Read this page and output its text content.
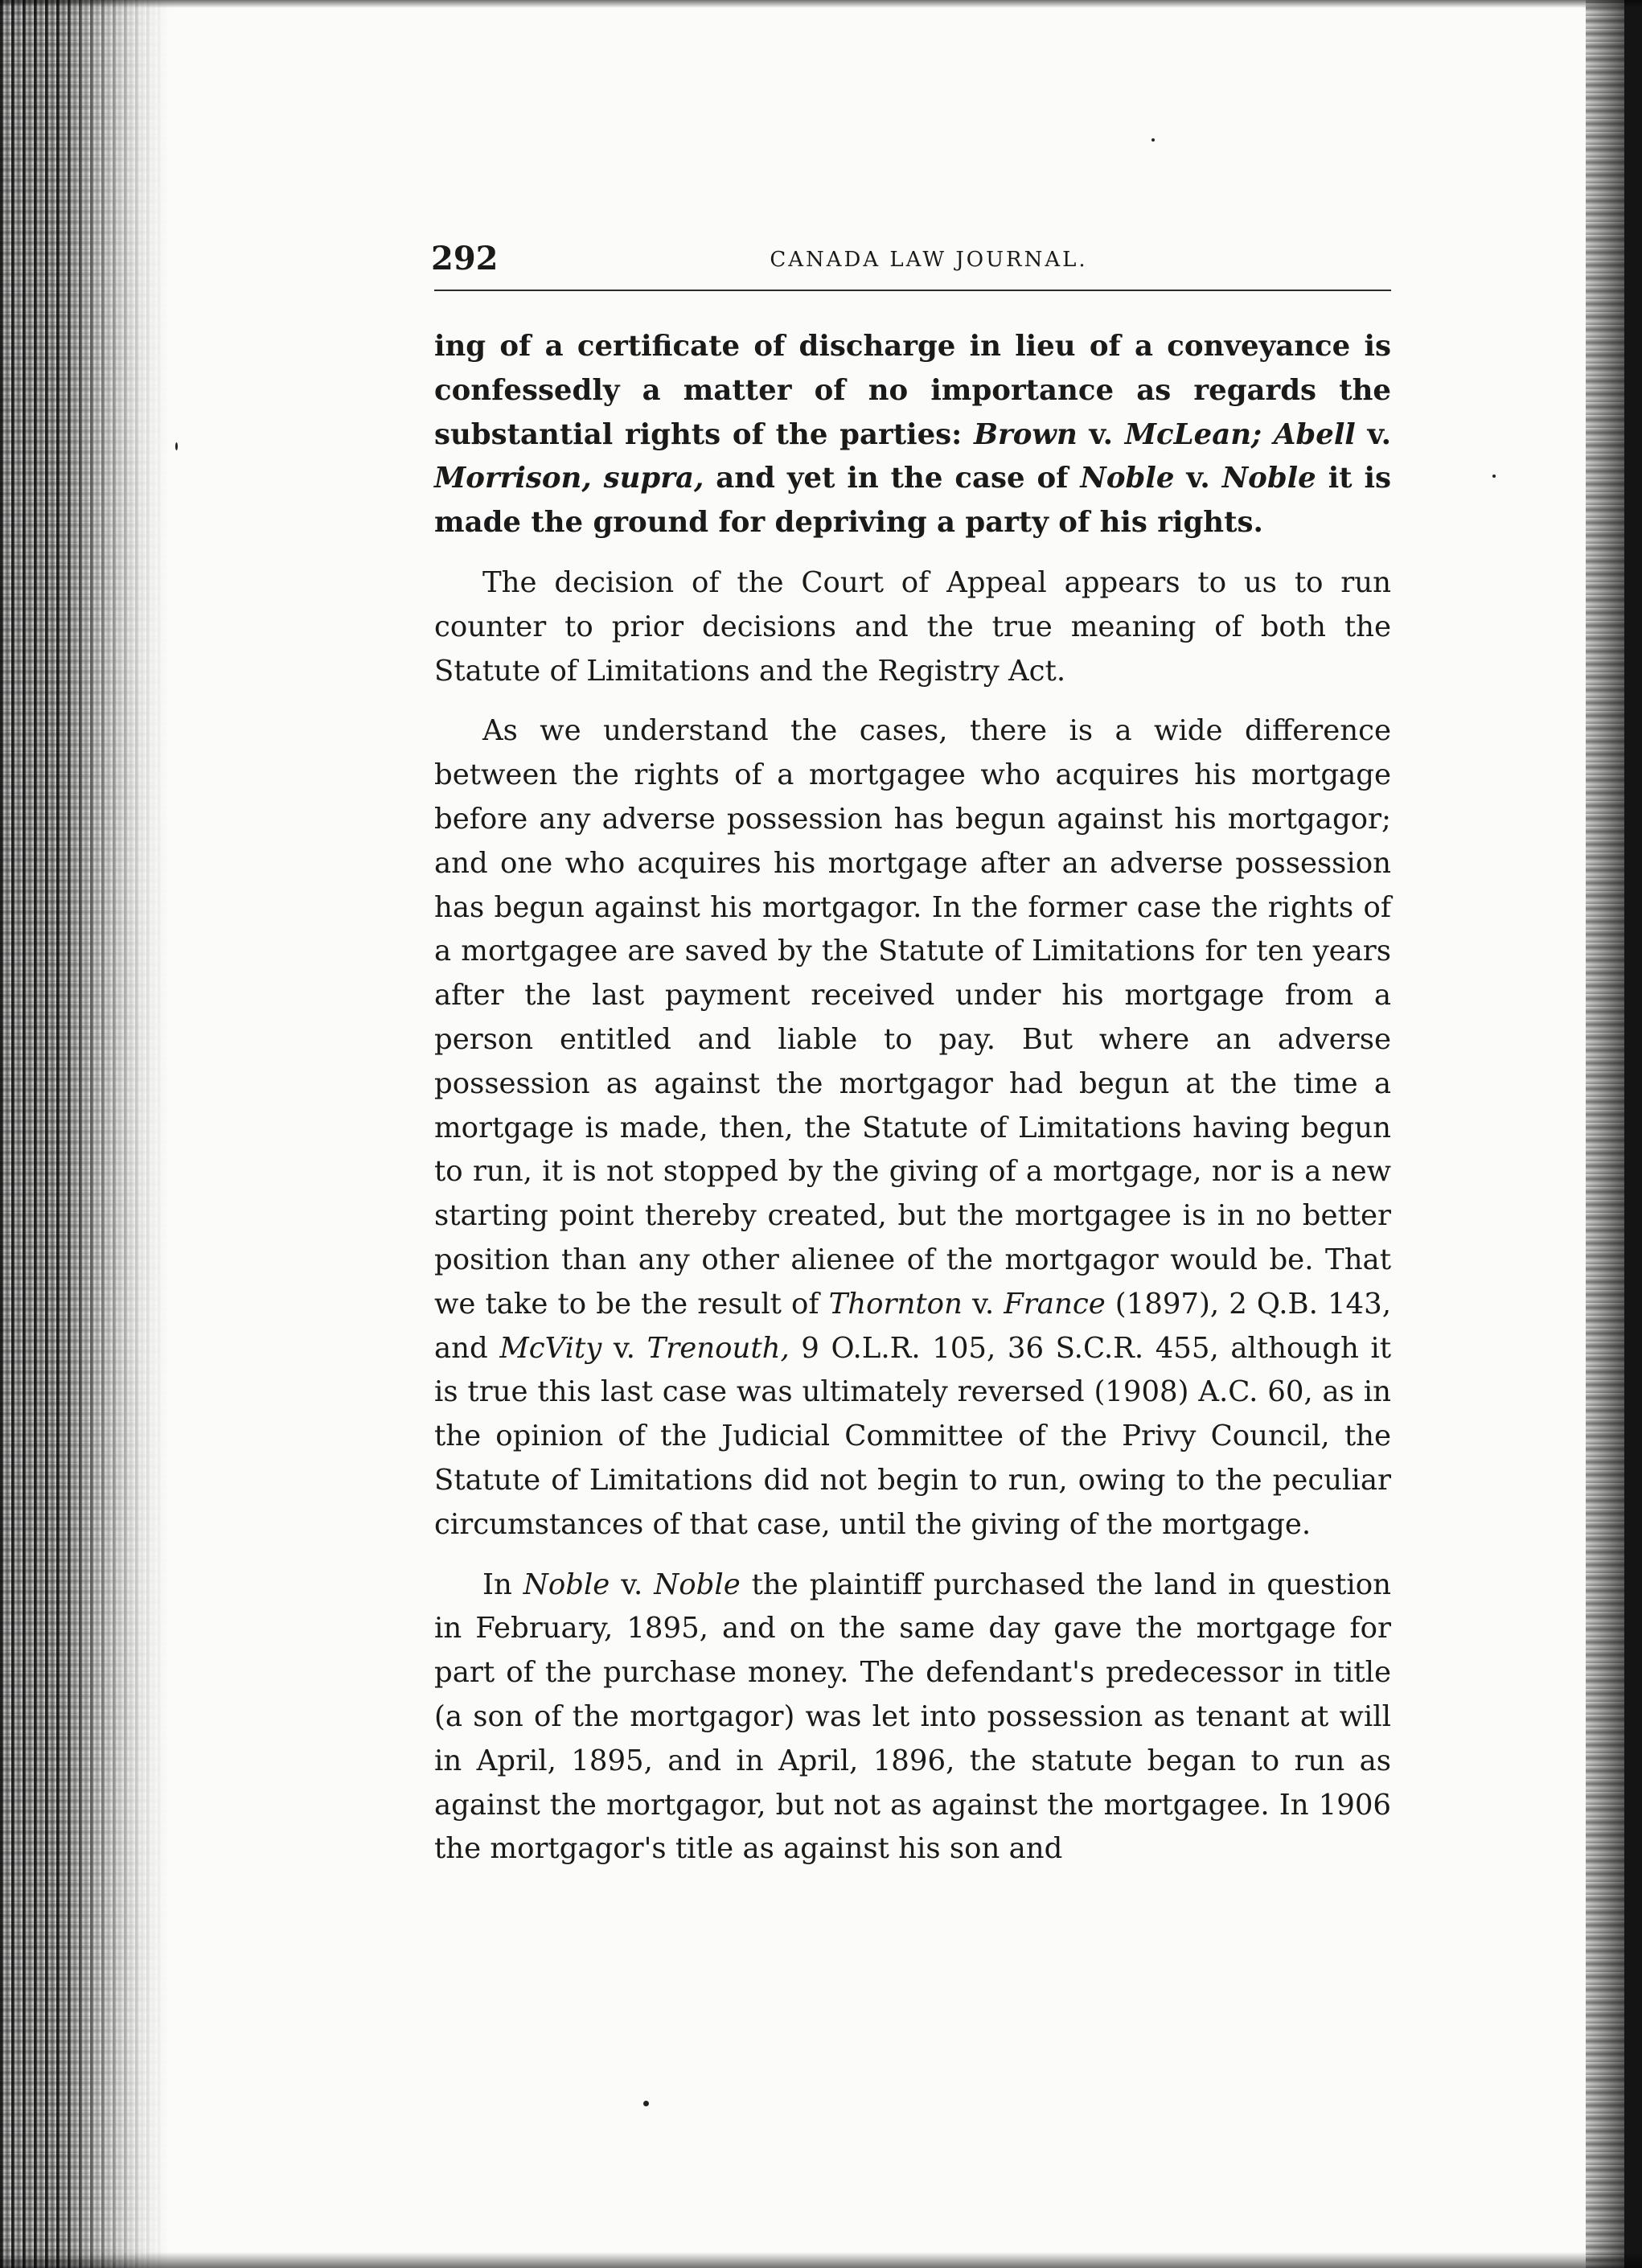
292	CANADA LAW JOURNAL.

ing of a certificate of discharge in lieu of a conveyance is confessedly a matter of no importance as regards the substantial rights of the parties: Brown v. McLean; Abell v. Morrison, supra, and yet in the case of Noble v. Noble it is made the ground for depriving a party of his rights.

The decision of the Court of Appeal appears to us to run counter to prior decisions and the true meaning of both the Statute of Limitations and the Registry Act.

As we understand the cases, there is a wide difference between the rights of a mortgagee who acquires his mortgage before any adverse possession has begun against his mortgagor; and one who acquires his mortgage after an adverse possession has begun against his mortgagor. In the former case the rights of a mortgagee are saved by the Statute of Limitations for ten years after the last payment received under his mortgage from a person entitled and liable to pay. But where an adverse possession as against the mortgagor had begun at the time a mortgage is made, then, the Statute of Limitations having begun to run, it is not stopped by the giving of a mortgage, nor is a new starting point thereby created, but the mortgagee is in no better position than any other alienee of the mortgagor would be. That we take to be the result of Thornton v. France (1897), 2 Q.B. 143, and McVity v. Trenouth, 9 O.L.R. 105, 36 S.C.R. 455, although it is true this last case was ultimately reversed (1908) A.C. 60, as in the opinion of the Judicial Committee of the Privy Council, the Statute of Limitations did not begin to run, owing to the peculiar circumstances of that case, until the giving of the mortgage.

In Noble v. Noble the plaintiff purchased the land in question in February, 1895, and on the same day gave the mortgage for part of the purchase money. The defendant's predecessor in title (a son of the mortgagor) was let into possession as tenant at will in April, 1895, and in April, 1896, the statute began to run as against the mortgagor, but not as against the mortgagee. In 1906 the mortgagor's title as against his son and
